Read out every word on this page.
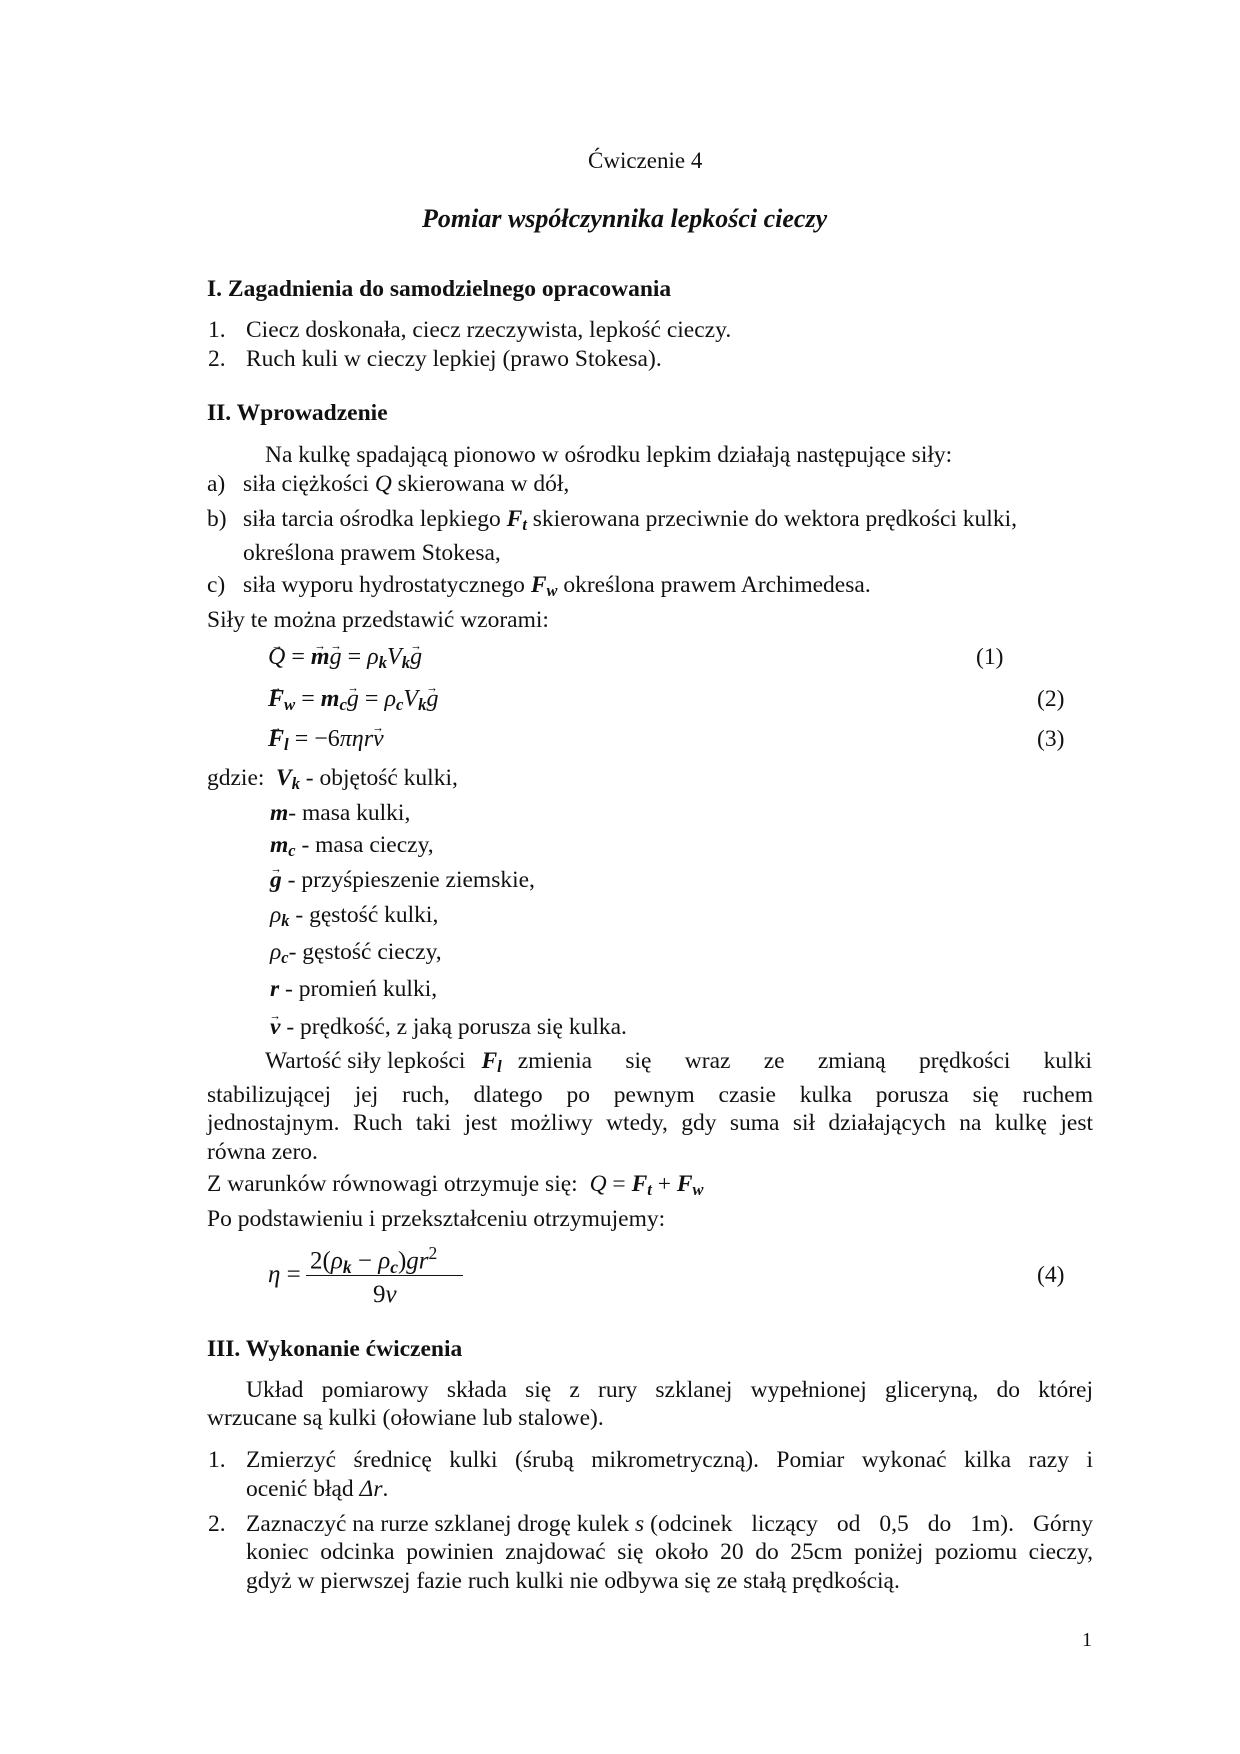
Ćwiczenie 4
Pomiar współczynnika lepkości cieczy
I. Zagadnienia do samodzielnego opracowania
1. Ciecz doskonała, ciecz rzeczywista, lepkość cieczy.
2. Ruch kuli w cieczy lepkiej (prawo Stokesa).
II. Wprowadzenie
Na kulkę spadającą pionowo w ośrodku lepkim działają następujące siły:
a) siła ciężkości Q skierowana w dół,
b) siła tarcia ośrodka lepkiego $F_t$ skierowana przeciwnie do wektora prędkości kulki,
określona prawem Stokesa,
c) siła wyporu hydrostatycznego $F_w$ określona prawem Archimedesa.
Siły te można przedstawić wzorami:
→ Q = → $m\to g = \rho_kV_k\to g$	(1)
→ $F_w = m_c\to g = \rho_cV_k\to g$	(2)
→ $F_l = -6\pi\eta r\to v$	(3)
gdzie: $V_k$ - objętość kulki,
m- masa kulki,
$m_c$ - masa cieczy,
→ g - przyśpieszenie ziemskie,
$\rho_k$ - gęstość kulki,
$\rho_c-$ gęstość cieczy,
r - promień kulki,
→ v - prędkość, z jaką porusza się kulka.
Wartość siły lepkości $F_l$ zmienia się wraz ze zmianą prędkości kulki
stabilizującej jej ruch, dlatego po pewnym czasie kulka porusza się ruchem
jednostajnym. Ruch taki jest możliwy wtedy, gdy suma sił działających na kulkę jest
równa zero.
Z warunków równowagi otrzymuje się: $Q = F_t + F_w$
Po podstawieniu i przekształceniu otrzymujemy:
$\eta = 2(\rho_k - \rho_c)gr^2$
9v
(4)
III. Wykonanie ćwiczenia
Układ pomiarowy składa się z rury szklanej wypełnionej gliceryną, do której
wrzucane są kulki (ołowiane lub stalowe).
1. Zmierzyć średnicę kulki (śrubą mikrometryczną). Pomiar wykonać kilka razy i
ocenić błąd Δr.
2. Zaznaczyć na rurze szklanej drogę kulek s (odcinek liczący od 0,5 do 1m). Górny
koniec odcinka powinien znajdować się około 20 do 25cm poniżej poziomu cieczy,
gdyż w pierwszej fazie ruch kulki nie odbywa się ze stałą prędkością.
1
